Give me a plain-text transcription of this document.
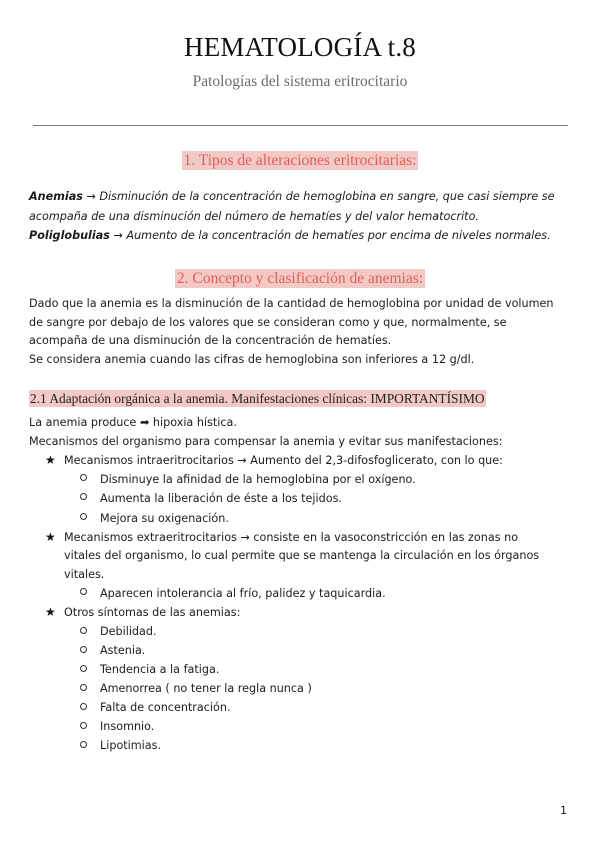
HEMATOLOGÍA t.8
Patologías del sistema eritrocitario
1. Tipos de alteraciones eritrocitarias:
Anemias → Disminución de la concentración de hemoglobina en sangre, que casi siempre se
acompaña de una disminución del número de hematíes y del valor hematocrito.
Poliglobulias → Aumento de la concentración de hematíes por encima de niveles normales.
2. Concepto y clasificación de anemias:
Dado que la anemia es la disminución de la cantidad de hemoglobina por unidad de volumen
de sangre por debajo de los valores que se consideran como y que, normalmente, se
acompaña de una disminución de la concentración de hematíes.
Se considera anemia cuando las cifras de hemoglobina son inferiores a 12 g/dl.
2.1 Adaptación orgánica a la anemia. Manifestaciones clínicas: IMPORTANTÍSIMO
La anemia produce ➡ hipoxia hística.
Mecanismos del organismo para compensar la anemia y evitar sus manifestaciones:
★ Mecanismos intraeritrocitarios → Aumento del 2,3-difosfoglicerato, con lo que:
Disminuye la afinidad de la hemoglobina por el oxígeno.
Aumenta la liberación de éste a los tejidos.
Mejora su oxigenación.
★ Mecanismos extraeritrocitarios → consiste en la vasoconstricción en las zonas no
vitales del organismo, lo cual permite que se mantenga la circulación en los órganos
vitales.
Aparecen intolerancia al frío, palidez y taquicardia.
★ Otros síntomas de las anemias:
Debilidad.
Astenia.
Tendencia a la fatiga.
Amenorrea ( no tener la regla nunca )
Falta de concentración.
Insomnio.
Lipotimias.
1
